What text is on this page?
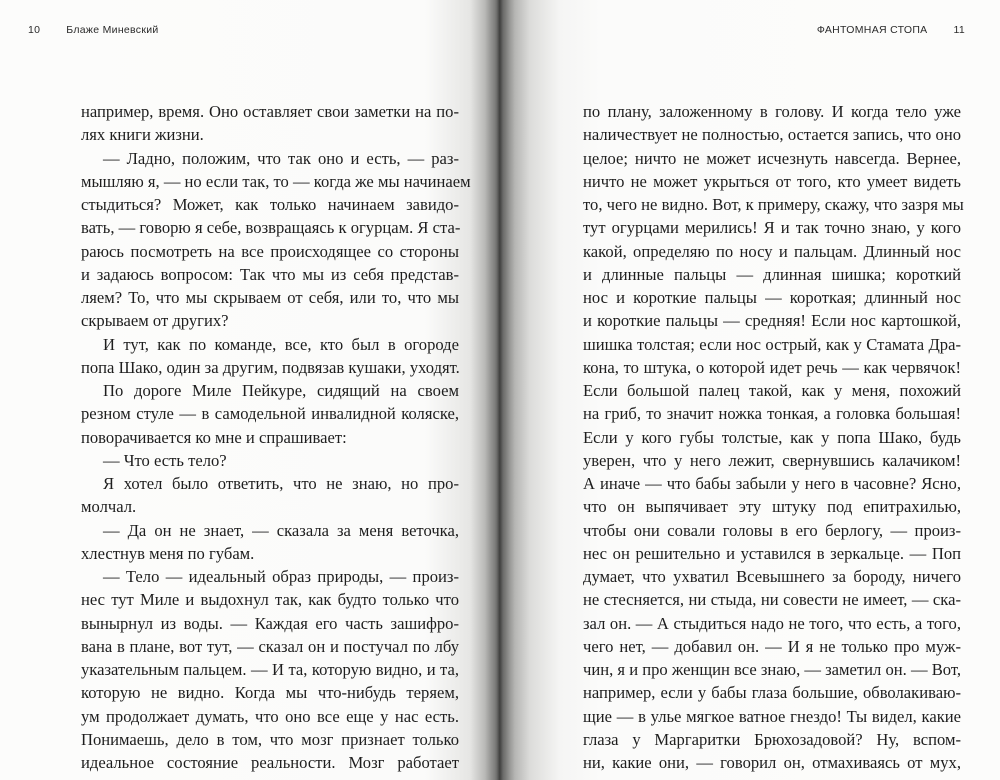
10 Блаже Миневский
например, время. Оно оставляет свои заметки на по-
лях книги жизни.
— Ладно, положим, что так оно и есть, — раз-
мышляю я, — но если так, то — когда же мы начинаем
стыдиться? Может, как только начинаем завидо-
вать, — говорю я себе, возвращаясь к огурцам. Я ста-
раюсь посмотреть на все происходящее со стороны
и задаюсь вопросом: Так что мы из себя представ-
ляем? То, что мы скрываем от себя, или то, что мы
скрываем от других?
И тут, как по команде, все, кто был в огороде
попа Шако, один за другим, подвязав кушаки, уходят.
По дороге Миле Пейкуре, сидящий на своем
резном стуле — в самодельной инвалидной коляске,
поворачивается ко мне и спрашивает:
— Что есть тело?
Я хотел было ответить, что не знаю, но про-
молчал.
— Да он не знает, — сказала за меня веточка,
хлестнув меня по губам.
— Тело — идеальный образ природы, — произ-
нес тут Миле и выдохнул так, как будто только что
вынырнул из воды. — Каждая его часть зашифро-
вана в плане, вот тут, — сказал он и постучал по лбу
указательным пальцем. — И та, которую видно, и та,
которую не видно. Когда мы что-нибудь теряем,
ум продолжает думать, что оно все еще у нас есть.
Понимаешь, дело в том, что мозг признает только
идеальное состояние реальности. Мозг работает
ФАНТОМНАЯ СТОПА 11
по плану, заложенному в голову. И когда тело уже
наличествует не полностью, остается запись, что оно
целое; ничто не может исчезнуть навсегда. Вернее,
ничто не может укрыться от того, кто умеет видеть
то, чего не видно. Вот, к примеру, скажу, что зазря мы
тут огурцами мерились! Я и так точно знаю, у кого
какой, определяю по носу и пальцам. Длинный нос
и длинные пальцы — длинная шишка; короткий
нос и короткие пальцы — короткая; длинный нос
и короткие пальцы — средняя! Если нос картошкой,
шишка толстая; если нос острый, как у Стамата Дра-
кона, то штука, о которой идет речь — как червячок!
Если большой палец такой, как у меня, похожий
на гриб, то значит ножка тонкая, а головка большая!
Если у кого губы толстые, как у попа Шако, будь
уверен, что у него лежит, свернувшись калачиком!
А иначе — что бабы забыли у него в часовне? Ясно,
что он выпячивает эту штуку под епитрахилью,
чтобы они совали головы в его берлогу, — произ-
нес он решительно и уставился в зеркальце. — Поп
думает, что ухватил Всевышнего за бороду, ничего
не стесняется, ни стыда, ни совести не имеет, — ска-
зал он. — А стыдиться надо не того, что есть, а того,
чего нет, — добавил он. — И я не только про муж-
чин, я и про женщин все знаю, — заметил он. — Вот,
например, если у бабы глаза большие, обволакиваю-
щие — в улье мягкое ватное гнездо! Ты видел, какие
глаза у Маргаритки Брюхозадовой? Ну, вспом-
ни, какие они, — говорил он, отмахиваясь от мух,
